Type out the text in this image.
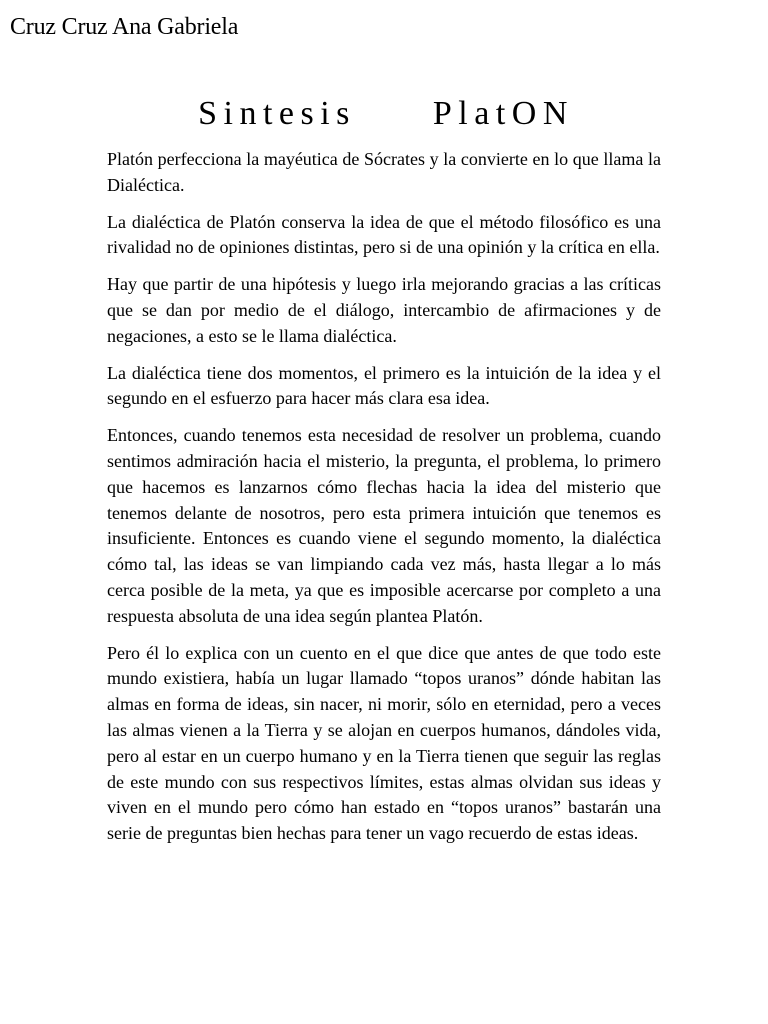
Cruz Cruz Ana Gabriela
Sintesis PlatON

Platón perfecciona la mayéutica de Sócrates y la convierte en lo que llama la Dialéctica.

La dialéctica de Platón conserva la idea de que el método filosófico es una rivalidad no de opiniones distintas, pero si de una opinión y la crítica en ella.

Hay que partir de una hipótesis y luego irla mejorando gracias a las críticas que se dan por medio de el diálogo, intercambio de afirmaciones y de negaciones, a esto se le llama dialéctica.

La dialéctica tiene dos momentos, el primero es la intuición de la idea y el segundo en el esfuerzo para hacer más clara esa idea.

Entonces, cuando tenemos esta necesidad de resolver un problema, cuando sentimos admiración hacia el misterio, la pregunta, el problema, lo primero que hacemos es lanzarnos cómo flechas hacia la idea del misterio que tenemos delante de nosotros, pero esta primera intuición que tenemos es insuficiente. Entonces es cuando viene el segundo momento, la dialéctica cómo tal, las ideas se van limpiando cada vez más, hasta llegar a lo más cerca posible de la meta, ya que es imposible acercarse por completo a una respuesta absoluta de una idea según plantea Platón.

Pero él lo explica con un cuento en el que dice que antes de que todo este mundo existiera, había un lugar llamado “topos uranos” dónde habitan las almas en forma de ideas, sin nacer, ni morir, sólo en eternidad, pero a veces las almas vienen a la Tierra y se alojan en cuerpos humanos, dándoles vida, pero al estar en un cuerpo humano y en la Tierra tienen que seguir las reglas de este mundo con sus respectivos límites, estas almas olvidan sus ideas y viven en el mundo pero cómo han estado en “topos uranos” bastarán una serie de preguntas bien hechas para tener un vago recuerdo de estas ideas.
